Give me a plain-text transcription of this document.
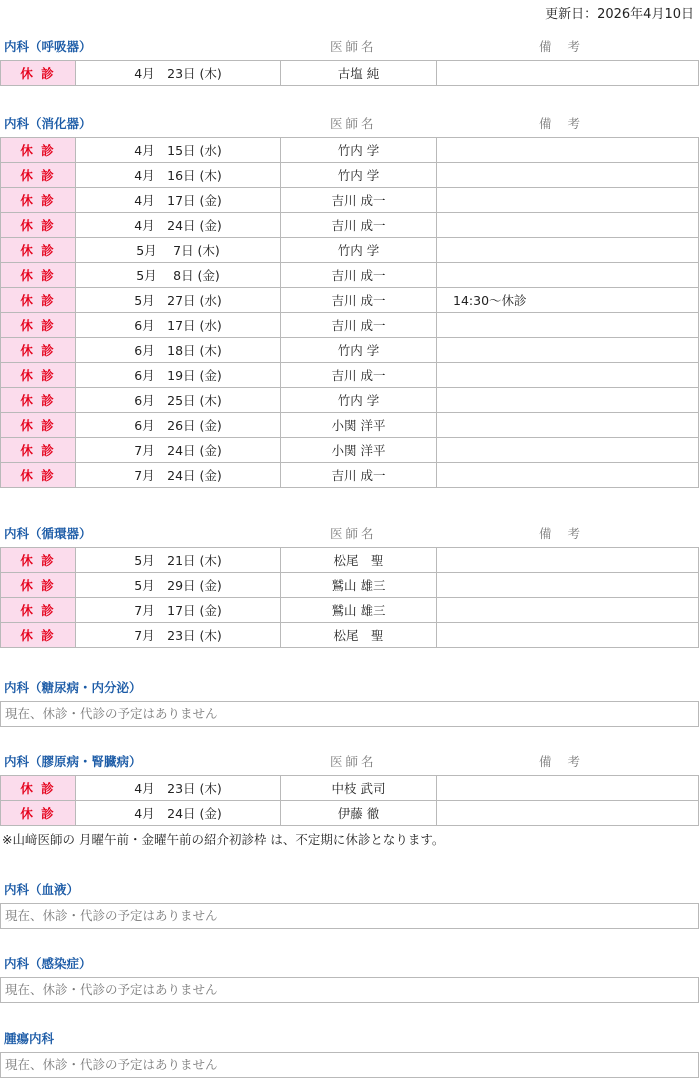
更新日：2026年4月10日
内科（呼吸器）	医師名	備考
休 診	4月　23日 (木)	古塩 純	
内科（消化器）	医師名	備考
休 診	4月　15日 (水)	竹内 学	
休 診	4月　16日 (木)	竹内 学	
休 診	4月　17日 (金)	吉川 成一	
休 診	4月　24日 (金)	吉川 成一	
休 診	5月　 7日 (木)	竹内 学	
休 診	5月　 8日 (金)	吉川 成一	
休 診	5月　27日 (水)	吉川 成一	14:30～休診
休 診	6月　17日 (水)	吉川 成一	
休 診	6月　18日 (木)	竹内 学	
休 診	6月　19日 (金)	吉川 成一	
休 診	6月　25日 (木)	竹内 学	
休 診	6月　26日 (金)	小関 洋平	
休 診	7月　24日 (金)	小関 洋平	
休 診	7月　24日 (金)	吉川 成一	
内科（循環器）	医師名	備考
休 診	5月　21日 (木)	松尾　聖	
休 診	5月　29日 (金)	鷲山 雄三	
休 診	7月　17日 (金)	鷲山 雄三	
休 診	7月　23日 (木)	松尾　聖	
内科（糖尿病・内分泌）
現在、休診・代診の予定はありません
内科（膠原病・腎臓病）	医師名	備考
休 診	4月　23日 (木)	中枝 武司	
休 診	4月　24日 (金)	伊藤 徹	
※山﨑医師の 月曜午前・金曜午前の紹介初診枠 は、不定期に休診となります。
内科（血液）
現在、休診・代診の予定はありません
内科（感染症）
現在、休診・代診の予定はありません
腫瘍内科
現在、休診・代診の予定はありません
